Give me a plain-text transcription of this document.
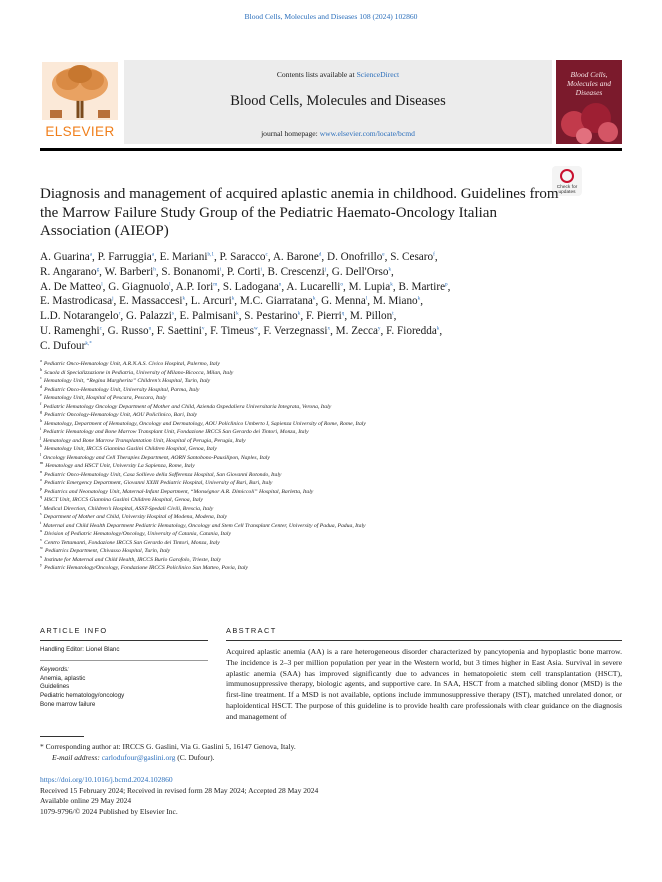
Blood Cells, Molecules and Diseases 108 (2024) 102860
ELSEVIER
Contents lists available at ScienceDirect
Blood Cells, Molecules and Diseases
journal homepage: www.elsevier.com/locate/bcmd
Blood Cells, Molecules and Diseases
Check for
updates
Diagnosis and management of acquired aplastic anemia in childhood. Guidelines from the Marrow Failure Study Group of the Pediatric Haemato-Oncology Italian Association (AIEOP)
A. Guarina$^a$, P. Farruggia$^a$, E. Mariani$^{b,1}$, P. Saracco$^c$, A. Barone$^d$, D. Onofrillo$^e$, S. Cesaro$^f$,
R. Angarano$^g$, W. Barberi$^h$, S. Bonanomi$^i$, P. Corti$^i$, B. Crescenzi$^j$, G. Dell'Orso$^k$,
A. De Matteo$^l$, G. Giagnuolo$^l$, A.P. Iori$^m$, S. Ladogana$^n$, A. Lucarelli$^o$, M. Lupia$^k$, B. Martire$^p$,
E. Mastrodicasa$^j$, E. Massaccesi$^k$, L. Arcuri$^k$, M.C. Giarratana$^k$, G. Menna$^l$, M. Miano$^k$,
L.D. Notarangelo$^r$, G. Palazzi$^s$, E. Palmisani$^k$, S. Pestarino$^k$, F. Pierri$^q$, M. Pillon$^t$,
U. Ramenghi$^c$, G. Russo$^u$, F. Saettini$^v$, F. Timeus$^w$, F. Verzegnassi$^x$, M. Zecca$^y$, F. Fioredda$^k$,
C. Dufour$^{k,*}$
$^a$Pediatric Onco-Hematology Unit, A.R.N.A.S. Civico Hospital, Palermo, Italy
$^b$Scuola di Specializzazione in Pediatria, University of Milano-Bicocca, Milan, Italy
$^c$Hematology Unit, “Regina Margherita” Children’s Hospital, Turin, Italy
$^d$Pediatric Onco-Hematology Unit, University Hospital, Parma, Italy
$^e$Hematology Unit, Hospital of Pescara, Pescara, Italy
$^f$Pediatric Hematology Oncology Department of Mother and Child, Azienda Ospedaliera Universitaria Integrata, Verona, Italy
$^g$Pediatric Oncology-Hematology Unit, AOU Policlinico, Bari, Italy
$^h$Hematology, Department of Hematology, Oncology and Dermatology, AOU Policlinico Umberto I, Sapienza University of Rome, Rome, Italy
$^i$Pediatric Hematology and Bone Marrow Transplant Unit, Fondazione IRCCS San Gerardo dei Tintori, Monza, Italy
$^j$Hematology and Bone Marrow Transplantation Unit, Hospital of Perugia, Perugia, Italy
$^k$Hematology Unit, IRCCS Giannina Gaslini Children Hospital, Genoa, Italy
$^l$Oncology Hematology and Cell Therapies Department, AORN Santobono-Pausilipon, Naples, Italy
$^m$Hematology and HSCT Unit, University La Sapienza, Rome, Italy
$^n$Pediatric Onco-Hematology Unit, Casa Sollievo della Sofferenza Hospital, San Giovanni Rotondo, Italy
$^o$Pediatric Emergency Department, Giovanni XXIII Pediatric Hospital, University of Bari, Bari, Italy
$^p$Pediatrics and Neonatology Unit, Maternal-Infant Department, “Monségnor A.R. Dimiccoli” Hospital, Barletta, Italy
$^q$HSCT Unit, IRCCS Giannina Gaslini Children Hospital, Genoa, Italy
$^r$Medical Direction, Children’s Hospital, ASST-Spedali Civili, Brescia, Italy
$^s$Department of Mother and Child, University Hospital of Modena, Modena, Italy
$^t$Maternal and Child Health Department Pediatric Hematology, Oncology and Stem Cell Transplant Center, University of Padua, Padua, Italy
$^u$Division of Pediatric Hematology/Oncology, University of Catania, Catania, Italy
$^v$Centro Tettamanti, Fondazione IRCCS San Gerardo dei Tintori, Monza, Italy
$^w$Pediatrics Department, Chivasso Hospital, Turin, Italy
$^x$Institute for Maternal and Child Health, IRCCS Burlo Garofolo, Trieste, Italy
$^y$Pediatric Hematology/Oncology, Fondazione IRCCS Policlinico San Matteo, Pavia, Italy
ARTICLE INFO	ABSTRACT
Handling Editor: Lionel Blanc
Keywords:
Anemia, aplastic
Guidelines
Pediatric hematology/oncology
Bone marrow failure
Acquired aplastic anemia (AA) is a rare heterogeneous disorder characterized by pancytopenia and hypoplastic bone marrow. The incidence is 2–3 per million population per year in the Western world, but 3 times higher in East Asia. Survival in severe aplastic anemia (SAA) has improved significantly due to advances in hematopoietic stem cell transplantation (HSCT), immunosuppressive therapy, biologic agents, and supportive care. In SAA, HSCT from a matched sibling donor (MSD) is the first-line treatment. If a MSD is not available, options include immunosuppressive therapy (IST), matched unrelated donor, or haploidentical HSCT. The purpose of this guideline is to provide health care professionals with clear guidance on the diagnosis and management of
* Corresponding author at: IRCCS G. Gaslini, Via G. Gaslini 5, 16147 Genova, Italy.
E-mail address: carlodufour@gaslini.org (C. Dufour).
https://doi.org/10.1016/j.bcmd.2024.102860
Received 15 February 2024; Received in revised form 28 May 2024; Accepted 28 May 2024
Available online 29 May 2024
1079-9796/© 2024 Published by Elsevier Inc.
